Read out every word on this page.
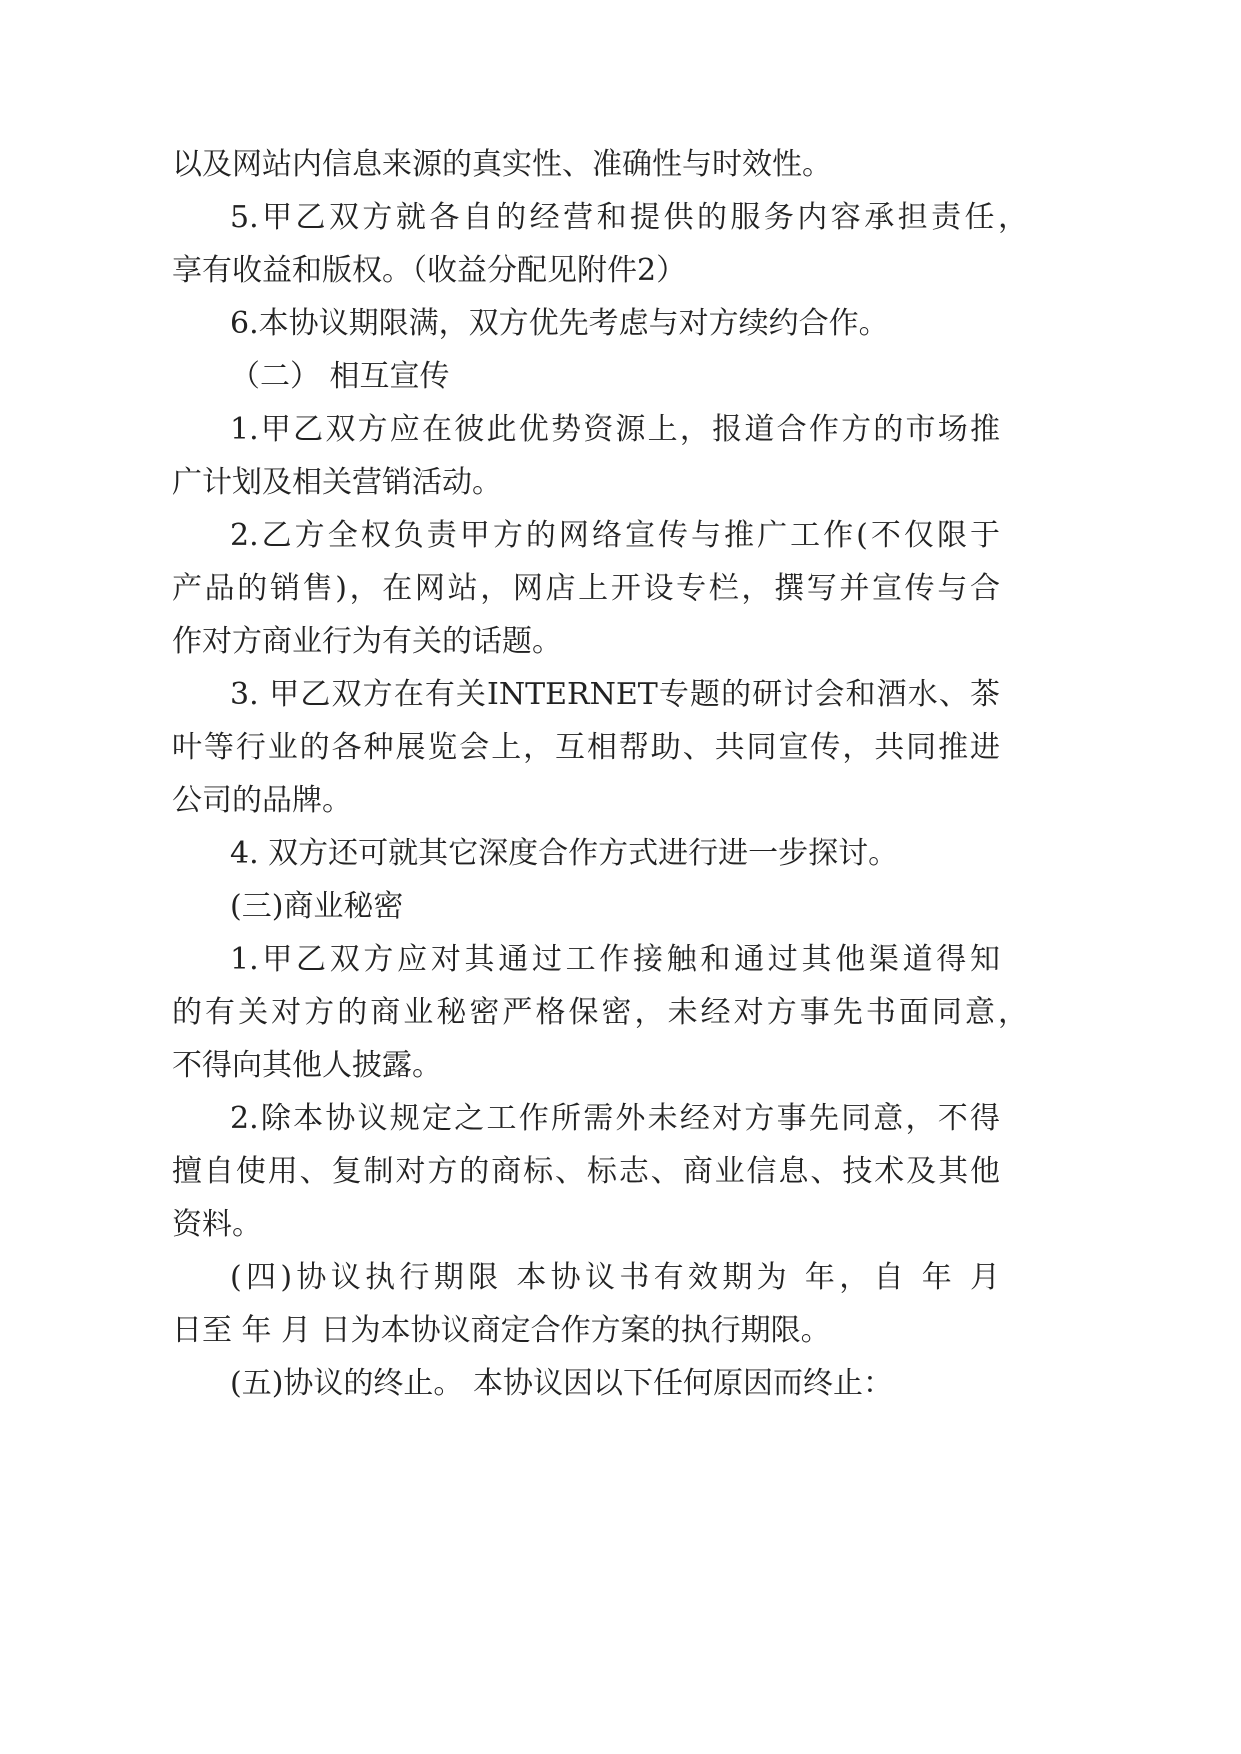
以及网站内信息来源的真实性、准确性与时效性。
5.甲乙双方就各自的经营和提供的服务内容承担责任，
享有收益和版权。（收益分配见附件2）
6.本协议期限满，双方优先考虑与对方续约合作。
（二） 相互宣传
1.甲乙双方应在彼此优势资源上，报道合作方的市场推
广计划及相关营销活动。
2.乙方全权负责甲方的网络宣传与推广工作(不仅限于
产品的销售)，在网站，网店上开设专栏，撰写并宣传与合
作对方商业行为有关的话题。
3. 甲乙双方在有关INTERNET专题的研讨会和酒水、茶
叶等行业的各种展览会上，互相帮助、共同宣传，共同推进
公司的品牌。
4. 双方还可就其它深度合作方式进行进一步探讨。
(三)商业秘密
1.甲乙双方应对其通过工作接触和通过其他渠道得知
的有关对方的商业秘密严格保密，未经对方事先书面同意，
不得向其他人披露。
2.除本协议规定之工作所需外未经对方事先同意，不得
擅自使用、复制对方的商标、标志、商业信息、技术及其他
资料。
(四)协议执行期限 本协议书有效期为 年，自 年 月
日至 年 月 日为本协议商定合作方案的执行期限。
(五)协议的终止。 本协议因以下任何原因而终止：
